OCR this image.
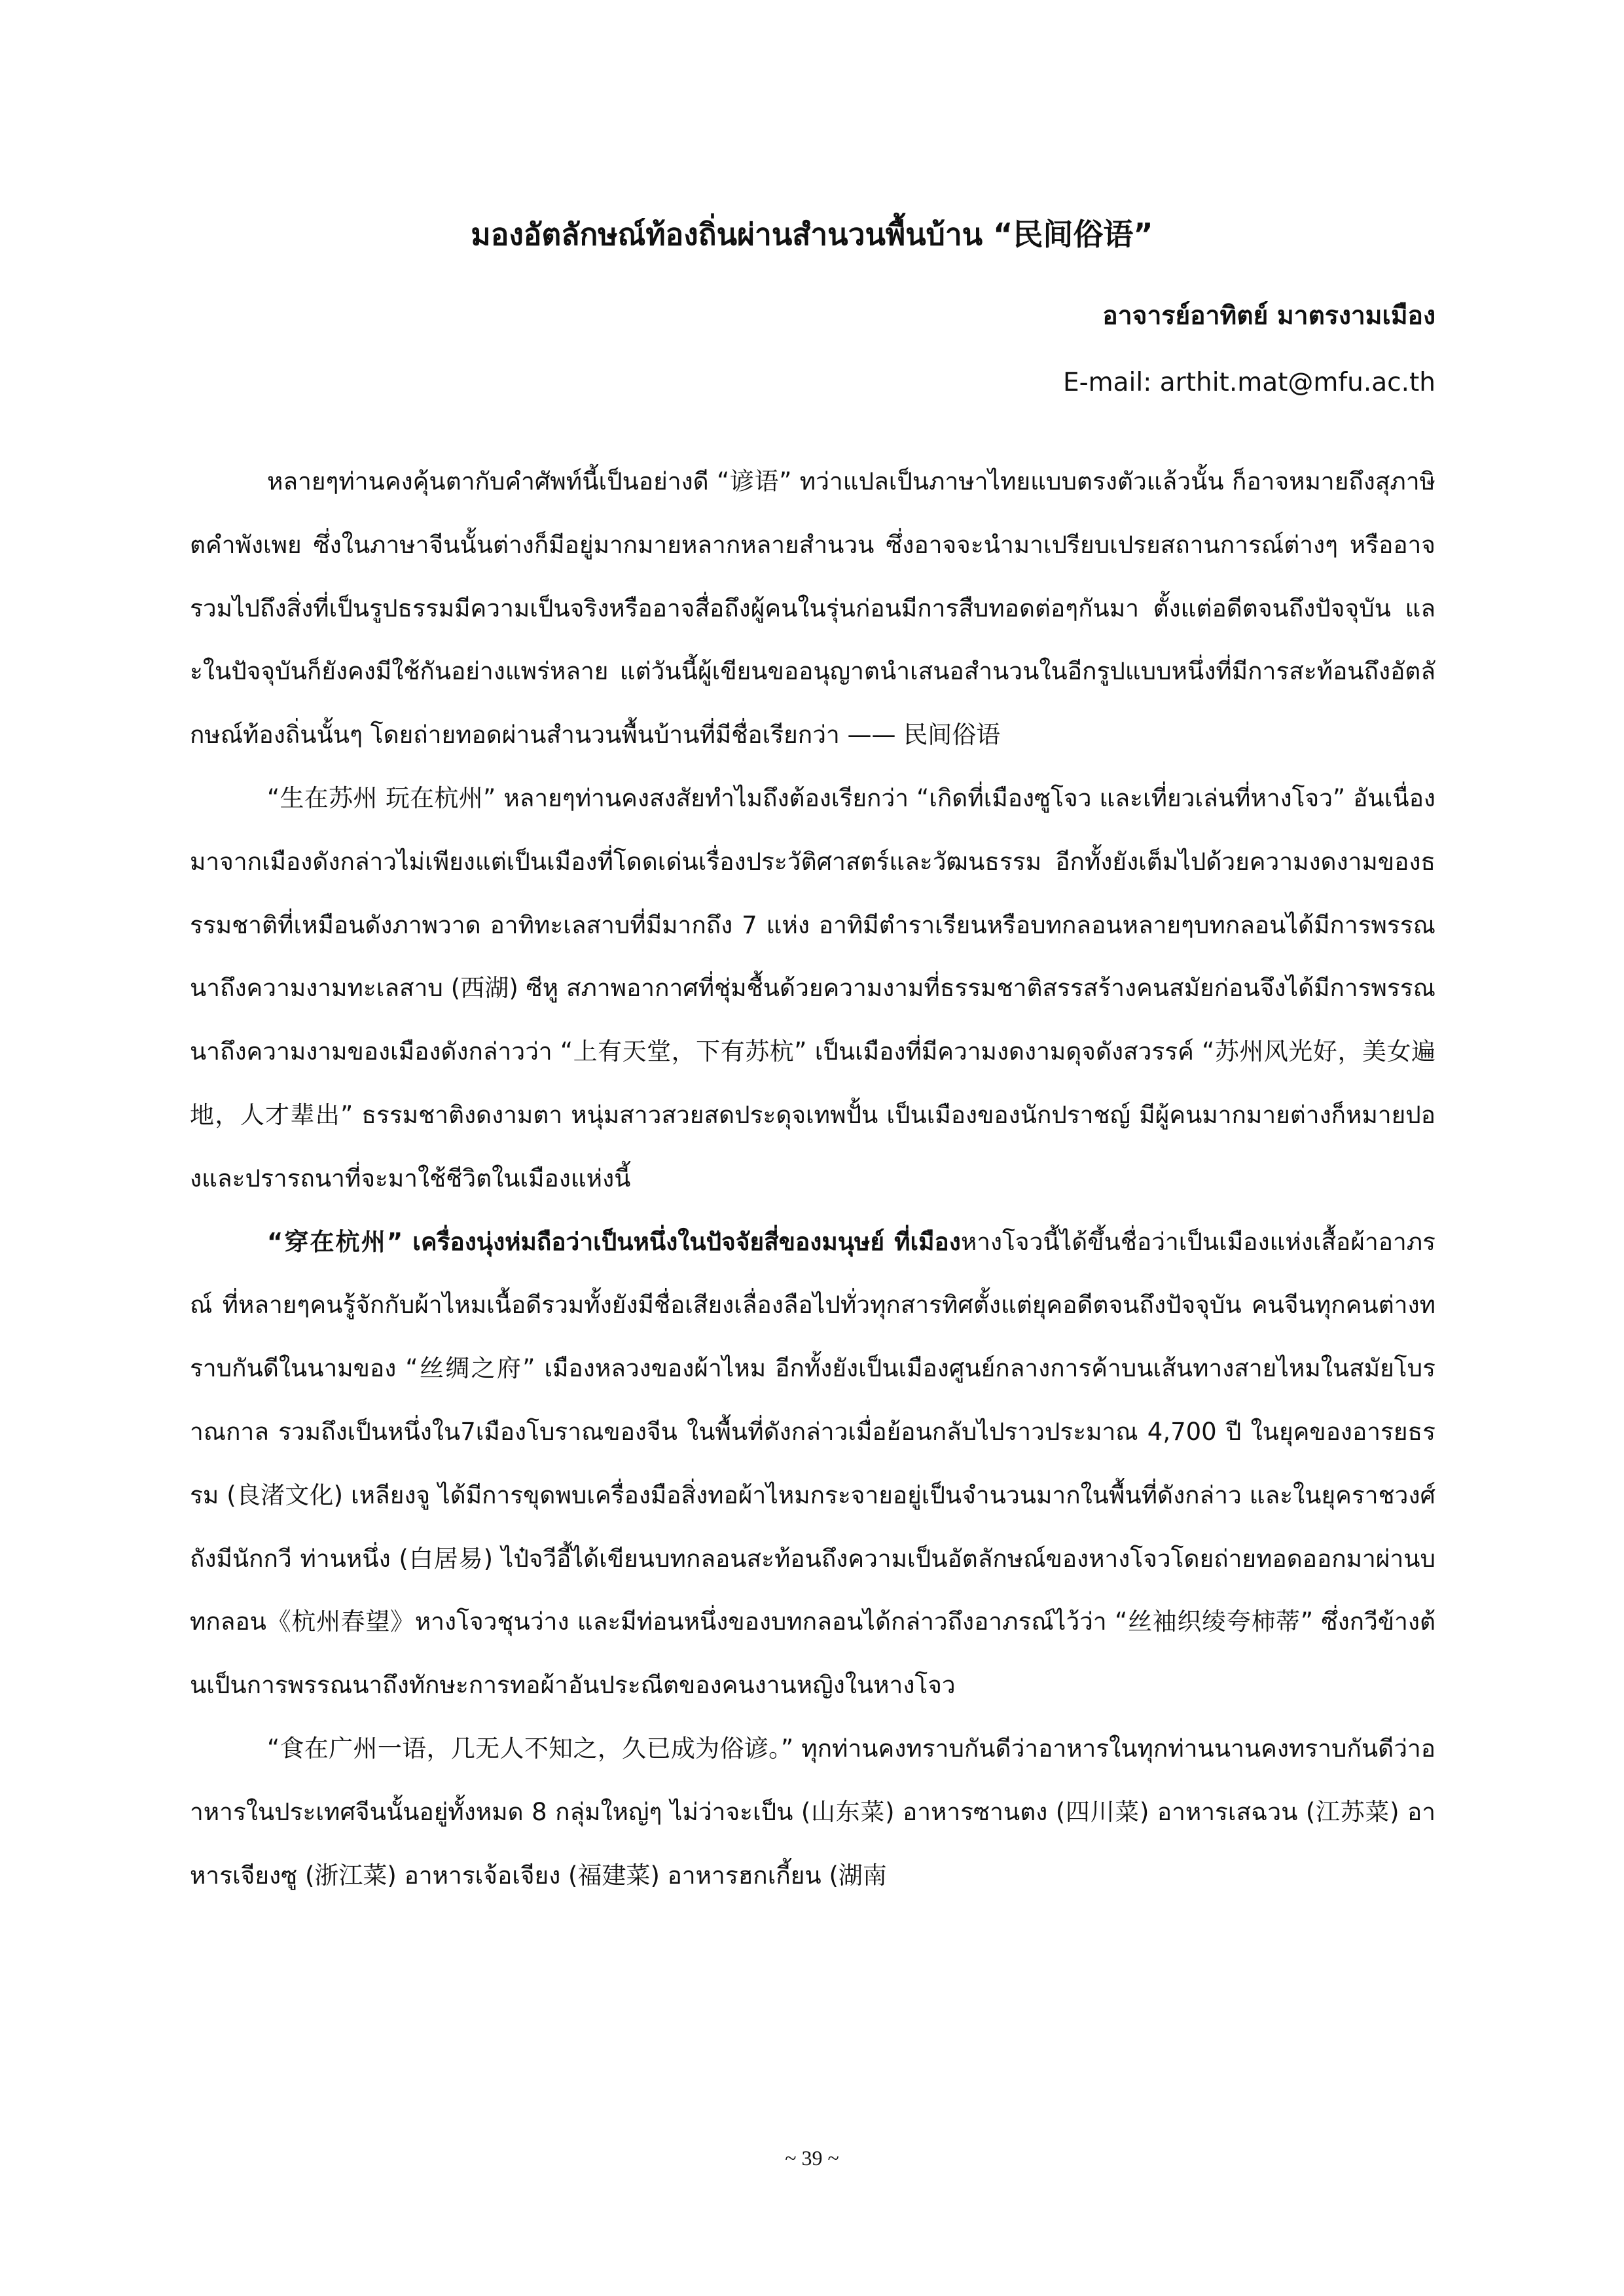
มองอัตลักษณ์ท้องถิ่นผ่านสำนวนพื้นบ้าน “民间俗语”
อาจารย์อาทิตย์ มาตรงามเมือง
E-mail: arthit.mat@mfu.ac.th

หลายๆท่านคงคุ้นตากับคำศัพท์นี้เป็นอย่างดี “谚语” ทว่าแปลเป็นภาษาไทยแบบตรงตัวแล้วนั้น ก็อาจหมายถึงสุภาษิตคำพังเพย ซึ่งในภาษาจีนนั้นต่างก็มีอยู่มากมายหลากหลายสำนวน ซึ่งอาจจะนำมาเปรียบเปรยสถานการณ์ต่างๆ หรืออาจรวมไปถึงสิ่งที่เป็นรูปธรรมมีความเป็นจริงหรืออาจสื่อถึงผู้คนในรุ่นก่อนมีการสืบทอดต่อๆกันมา ตั้งแต่อดีตจนถึงปัจจุบัน และในปัจจุบันก็ยังคงมีใช้กันอย่างแพร่หลาย แต่วันนี้ผู้เขียนขออนุญาตนำเสนอสำนวนในอีกรูปแบบหนึ่งที่มีการสะท้อนถึงอัตลักษณ์ท้องถิ่นนั้นๆ โดยถ่ายทอดผ่านสำนวนพื้นบ้านที่มีชื่อเรียกว่า —— 民间俗语

“生在苏州 玩在杭州” หลายๆท่านคงสงสัยทำไมถึงต้องเรียกว่า “เกิดที่เมืองซูโจว และเที่ยวเล่นที่หางโจว” อันเนื่องมาจากเมืองดังกล่าวไม่เพียงแต่เป็นเมืองที่โดดเด่นเรื่องประวัติศาสตร์และวัฒนธรรม อีกทั้งยังเต็มไปด้วยความงดงามของธรรมชาติที่เหมือนดังภาพวาด อาทิทะเลสาบที่มีมากถึง 7 แห่ง อาทิมีตำราเรียนหรือบทกลอนหลายๆบทกลอนได้มีการพรรณนาถึงความงามทะเลสาบ (西湖) ซีหู สภาพอากาศที่ชุ่มชื้นด้วยความงามที่ธรรมชาติสรรสร้างคนสมัยก่อนจึงได้มีการพรรณนาถึงความงามของเมืองดังกล่าวว่า “上有天堂，下有苏杭” เป็นเมืองที่มีความงดงามดุจดังสวรรค์ “苏州风光好，美女遍地，人才辈出” ธรรมชาติงดงามตา หนุ่มสาวสวยสดประดุจเทพปั้น เป็นเมืองของนักปราชญ์ มีผู้คนมากมายต่างก็หมายปองและปรารถนาที่จะมาใช้ชีวิตในเมืองแห่งนี้

“穿在杭州” เครื่องนุ่งห่มถือว่าเป็นหนึ่งในปัจจัยสี่ของมนุษย์ ที่เมืองหางโจวนี้ได้ขึ้นชื่อว่าเป็นเมืองแห่งเสื้อผ้าอาภรณ์ ที่หลายๆคนรู้จักกับผ้าไหมเนื้อดีรวมทั้งยังมีชื่อเสียงเลื่องลือไปทั่วทุกสารทิศตั้งแต่ยุคอดีตจนถึงปัจจุบัน คนจีนทุกคนต่างทราบกันดีในนามของ “丝绸之府” เมืองหลวงของผ้าไหม อีกทั้งยังเป็นเมืองศูนย์กลางการค้าบนเส้นทางสายไหมในสมัยโบราณกาล รวมถึงเป็นหนึ่งใน7เมืองโบราณของจีน ในพื้นที่ดังกล่าวเมื่อย้อนกลับไปราวประมาณ 4,700 ปี ในยุคของอารยธรรม (良渚文化) เหลียงจู ได้มีการขุดพบเครื่องมือสิ่งทอผ้าไหมกระจายอยู่เป็นจำนวนมากในพื้นที่ดังกล่าว และในยุคราชวงศ์ถังมีนักกวี ท่านหนึ่ง (白居易) ไป๋จวีอี้ได้เขียนบทกลอนสะท้อนถึงความเป็นอัตลักษณ์ของหางโจวโดยถ่ายทอดออกมาผ่านบทกลอน《杭州春望》หางโจวชุนว่าง และมีท่อนหนึ่งของบทกลอนได้กล่าวถึงอาภรณ์ไว้ว่า “丝袖织绫夸柿蒂” ซึ่งกวีข้างต้นเป็นการพรรณนาถึงทักษะการทอผ้าอันประณีตของคนงานหญิงในหางโจว

“食在广州一语，几无人不知之，久已成为俗谚。” ทุกท่านคงทราบกันดีว่าอาหารในทุกท่านนานคงทราบกันดีว่าอาหารในประเทศจีนนั้นอยู่ทั้งหมด 8 กลุ่มใหญ่ๆ ไม่ว่าจะเป็น (山东菜) อาหารซานตง (四川菜) อาหารเสฉวน (江苏菜) อาหารเจียงซู (浙江菜) อาหารเจ้อเจียง (福建菜) อาหารฮกเกี้ยน (湖南

~ 39 ~
